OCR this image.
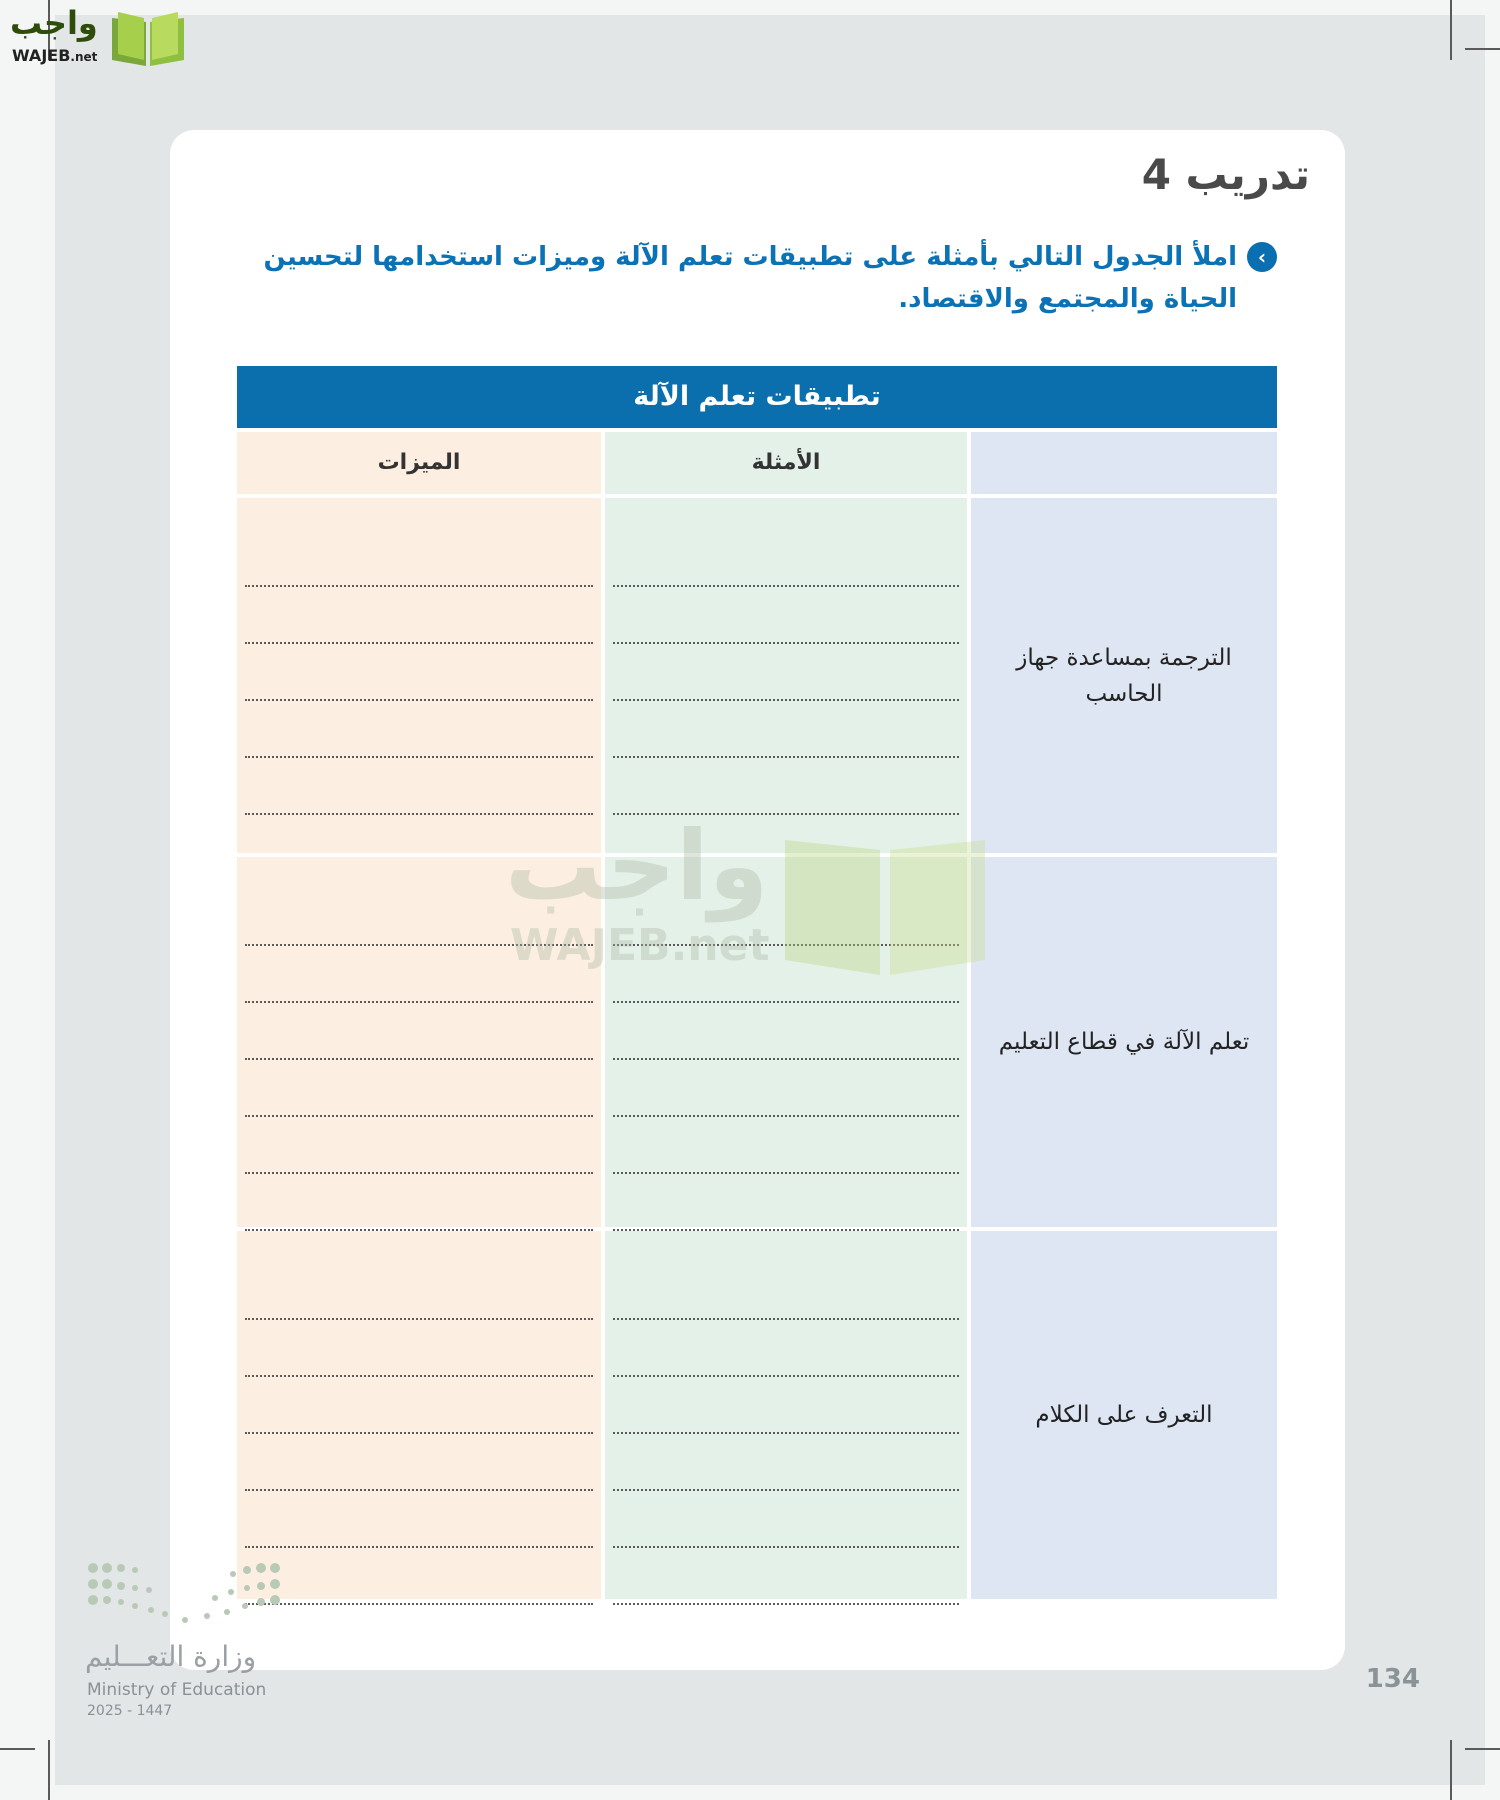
واجب
WAJEB.net
تدريب 4
‹

املأ الجدول التالي بأمثلة على تطبيقات تعلم الآلة وميزات استخدامها لتحسين الحياة والمجتمع والاقتصاد.

تطبيقات تعلم الآلة
الميزات	الأمثلة
الترجمة بمساعدة جهاز الحاسب
تعلم الآلة في قطاع التعليم
التعرف على الكلام
واجب
WAJEB.net
وزارة التعـــليم
Ministry of Education
2025 - 1447
134
